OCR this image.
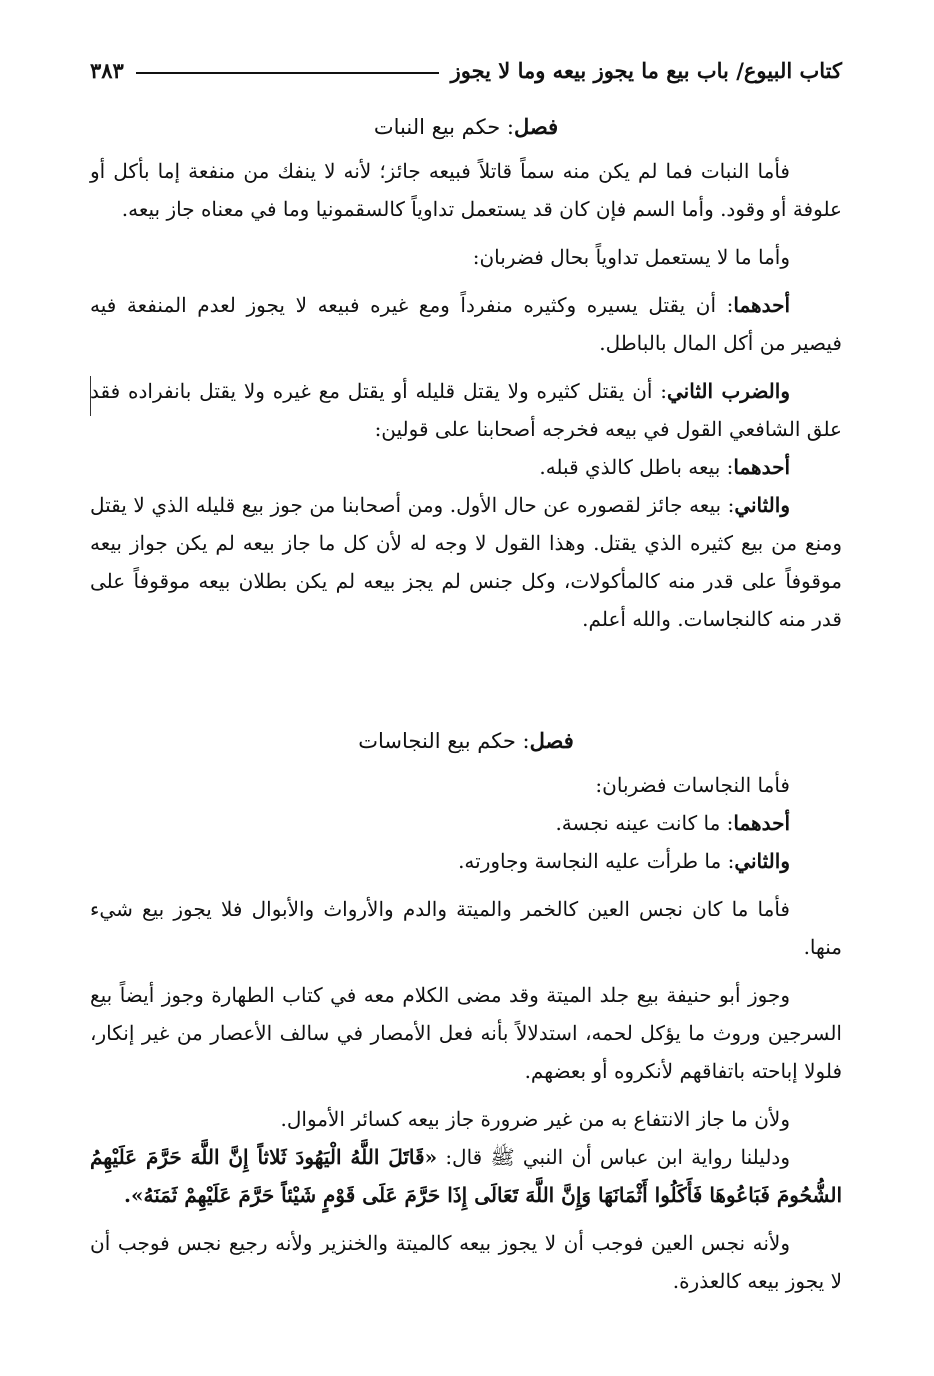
كتاب البيوع/ باب بيع ما يجوز بيعه وما لا يجوز
٣٨٣
فصل: حكم بيع النبات

فأما النبات فما لم يكن منه سماً قاتلاً فبيعه جائز؛ لأنه لا ينفك من منفعة إما بأكل أو علوفة أو وقود. وأما السم فإن كان قد يستعمل تداوياً كالسقمونيا وما في معناه جاز بيعه.

وأما ما لا يستعمل تداوياً بحال فضربان:

أحدهما: أن يقتل يسيره وكثيره منفرداً ومع غيره فبيعه لا يجوز لعدم المنفعة فيه فيصير من أكل المال بالباطل.

والضرب الثاني: أن يقتل كثيره ولا يقتل قليله أو يقتل مع غيره ولا يقتل بانفراده فقد علق الشافعي القول في بيعه فخرجه أصحابنا على قولين:

أحدهما: بيعه باطل كالذي قبله.

والثاني: بيعه جائز لقصوره عن حال الأول. ومن أصحابنا من جوز بيع قليله الذي لا يقتل ومنع من بيع كثيره الذي يقتل. وهذا القول لا وجه له لأن كل ما جاز بيعه لم يكن جواز بيعه موقوفاً على قدر منه كالمأكولات، وكل جنس لم يجز بيعه لم يكن بطلان بيعه موقوفاً على قدر منه كالنجاسات. والله أعلم.

فصل: حكم بيع النجاسات

فأما النجاسات فضربان:

أحدهما: ما كانت عينه نجسة.

والثاني: ما طرأت عليه النجاسة وجاورته.

فأما ما كان نجس العين كالخمر والميتة والدم والأرواث والأبوال فلا يجوز بيع شيء منها.

وجوز أبو حنيفة بيع جلد الميتة وقد مضى الكلام معه في كتاب الطهارة وجوز أيضاً بيع السرجين وروث ما يؤكل لحمه، استدلالاً بأنه فعل الأمصار في سالف الأعصار من غير إنكار، فلولا إباحته باتفاقهم لأنكروه أو بعضهم.

ولأن ما جاز الانتفاع به من غير ضرورة جاز بيعه كسائر الأموال.

ودليلنا رواية ابن عباس أن النبي ﷺ قال: «قَاتَلَ اللَّهُ الْيَهُودَ ثَلاثاً إِنَّ اللَّهَ حَرَّمَ عَلَيْهِمُ الشُّحُومَ فَبَاعُوهَا فَأَكَلُوا أَثْمَانَهَا وَإِنَّ اللَّهَ تَعَالَى إِذَا حَرَّمَ عَلَى قَوْمٍ شَيْئاً حَرَّمَ عَلَيْهِمْ ثَمَنَهُ».

ولأنه نجس العين فوجب أن لا يجوز بيعه كالميتة والخنزير ولأنه رجيع نجس فوجب أن لا يجوز بيعه كالعذرة.
